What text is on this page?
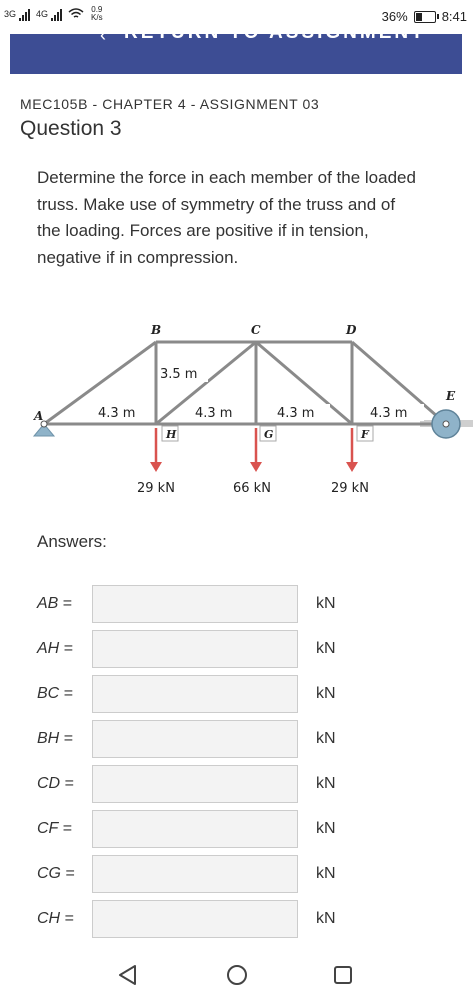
3G 4G	0.9
K/s	36%	8:41
‹ RETURN TO ASSIGNMENT
MEC105B - CHAPTER 4 - ASSIGNMENT 03
Question 3
Determine the force in each member of the loaded truss. Make use of symmetry of the truss and of the loading. Forces are positive if in tension, negative if in compression.
A
B	C	D
E
F
G
H
3.5 m
4.3 m	4.3 m	4.3 m	4.3 m
29 kN	66 kN	29 kN
Answers:
AB =	kN
AH =	kN
BC =	kN
BH =	kN
CD =	kN
CF =	kN
CG =	kN
CH =	kN
